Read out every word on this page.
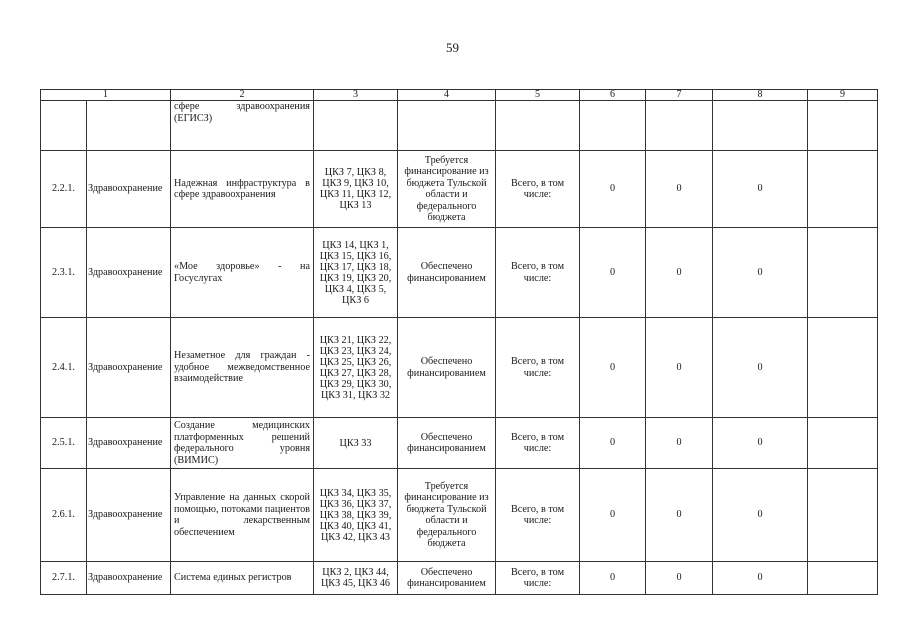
59
1		2	3	4	5	6	7	8	9
		сфере здравоохранения (ЕГИСЗ)							
2.2.1.	Здравоохранение	Надежная инфраструктура в сфере здравоохранения	ЦКЗ 7, ЦКЗ 8, ЦКЗ 9, ЦКЗ 10, ЦКЗ 11, ЦКЗ 12, ЦКЗ 13	Требуется финансирование из бюджета Тульской области и федерального бюджета	Всего, в том числе:	0	0	0	
2.3.1.	Здравоохранение	«Мое здоровье» - на Госуслугах	ЦКЗ 14, ЦКЗ 1, ЦКЗ 15, ЦКЗ 16, ЦКЗ 17, ЦКЗ 18, ЦКЗ 19, ЦКЗ 20, ЦКЗ 4, ЦКЗ 5, ЦКЗ 6	Обеспечено финансированием	Всего, в том числе:	0	0	0	
2.4.1.	Здравоохранение	Незаметное для граждан - удобное межведомственное взаимодействие	ЦКЗ 21, ЦКЗ 22, ЦКЗ 23, ЦКЗ 24, ЦКЗ 25, ЦКЗ 26, ЦКЗ 27, ЦКЗ 28, ЦКЗ 29, ЦКЗ 30, ЦКЗ 31, ЦКЗ 32	Обеспечено финансированием	Всего, в том числе:	0	0	0	
2.5.1.	Здравоохранение	Создание медицинских платформенных решений федерального уровня (ВИМИС)	ЦКЗ 33	Обеспечено финансированием	Всего, в том числе:	0	0	0	
2.6.1.	Здравоохранение	Управление на данных скорой помощью, потоками пациентов и лекарственным обеспечением	ЦКЗ 34, ЦКЗ 35, ЦКЗ 36, ЦКЗ 37, ЦКЗ 38, ЦКЗ 39, ЦКЗ 40, ЦКЗ 41, ЦКЗ 42, ЦКЗ 43	Требуется финансирование из бюджета Тульской области и федерального бюджета	Всего, в том числе:	0	0	0	
2.7.1.	Здравоохранение	Система единых регистров	ЦКЗ 2, ЦКЗ 44, ЦКЗ 45, ЦКЗ 46	Обеспечено финансированием	Всего, в том числе:	0	0	0	
